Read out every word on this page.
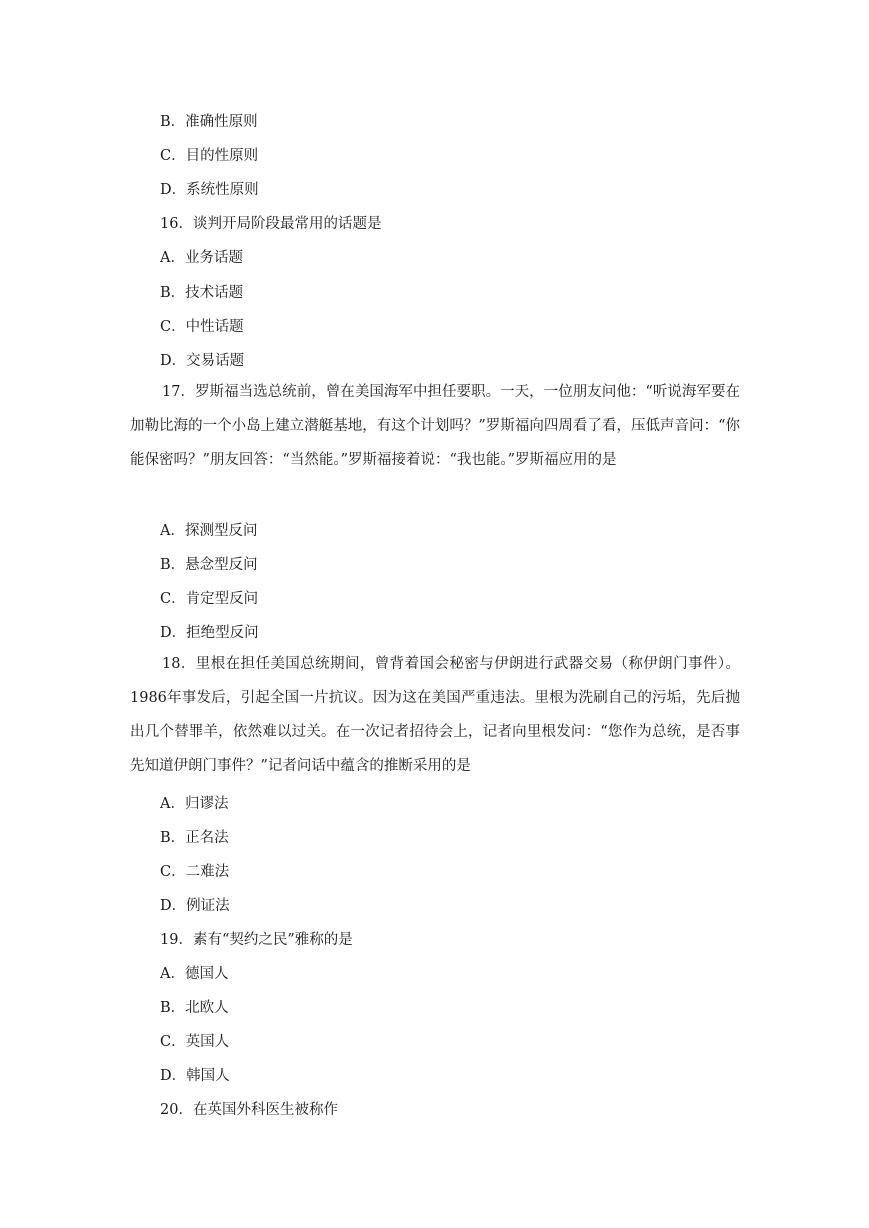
B．准确性原则
C．目的性原则
D．系统性原则
16．谈判开局阶段最常用的话题是
A．业务话题
B．技术话题
C．中性话题
D．交易话题

17．罗斯福当选总统前，曾在美国海军中担任要职。一天，一位朋友问他：“听说海军要在加勒比海的一个小岛上建立潜艇基地，有这个计划吗？”罗斯福向四周看了看，压低声音问：“你能保密吗？”朋友回答：“当然能。”罗斯福接着说：“我也能。”罗斯福应用的是

A．探测型反问
B．悬念型反问
C．肯定型反问
D．拒绝型反问

18．里根在担任美国总统期间，曾背着国会秘密与伊朗进行武器交易（称伊朗门事件）。1986年事发后，引起全国一片抗议。因为这在美国严重违法。里根为洗刷自己的污垢，先后抛出几个替罪羊，依然难以过关。在一次记者招待会上，记者向里根发问：“您作为总统，是否事先知道伊朗门事件？”记者问话中蕴含的推断采用的是

A．归谬法
B．正名法
C．二难法
D．例证法
19．素有“契约之民”雅称的是
A．德国人
B．北欧人
C．英国人
D．韩国人
20．在英国外科医生被称作
